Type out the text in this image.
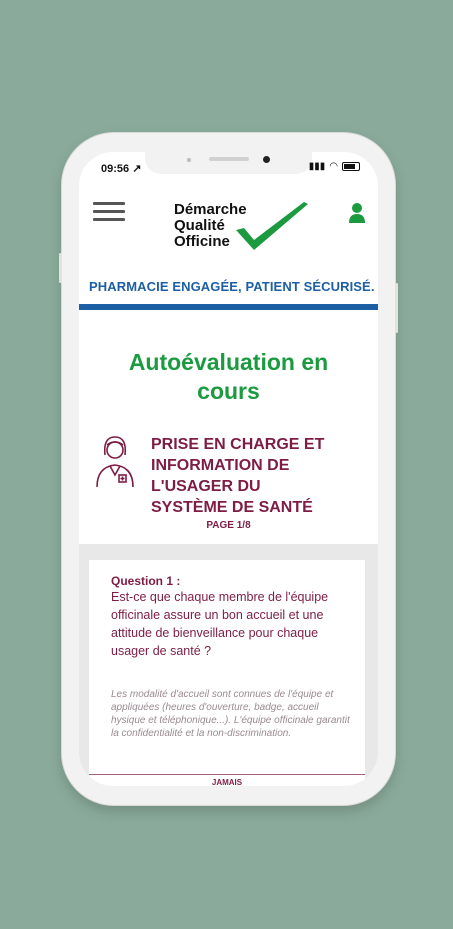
09:56 ↗	▮▮▮ ◠
Démarche
Qualité
Officine
PHARMACIE ENGAGÉE, PATIENT SÉCURISÉ.
Autoévaluation en
cours
PRISE EN CHARGE ET
INFORMATION DE L'USAGER DU
SYSTÈME DE SANTÉ
PAGE 1/8
Question 1 :
Est-ce que chaque membre de l'équipe officinale assure un bon accueil et une attitude de bienveillance pour chaque usager de santé ?
Les modalité d'accueil sont connues de l'équipe et appliquées (heures d'ouverture, badge, accueil hysique et téléphonique...). L'équipe officinale garantit la confidentialité et la non-discrimination.
JAMAIS
